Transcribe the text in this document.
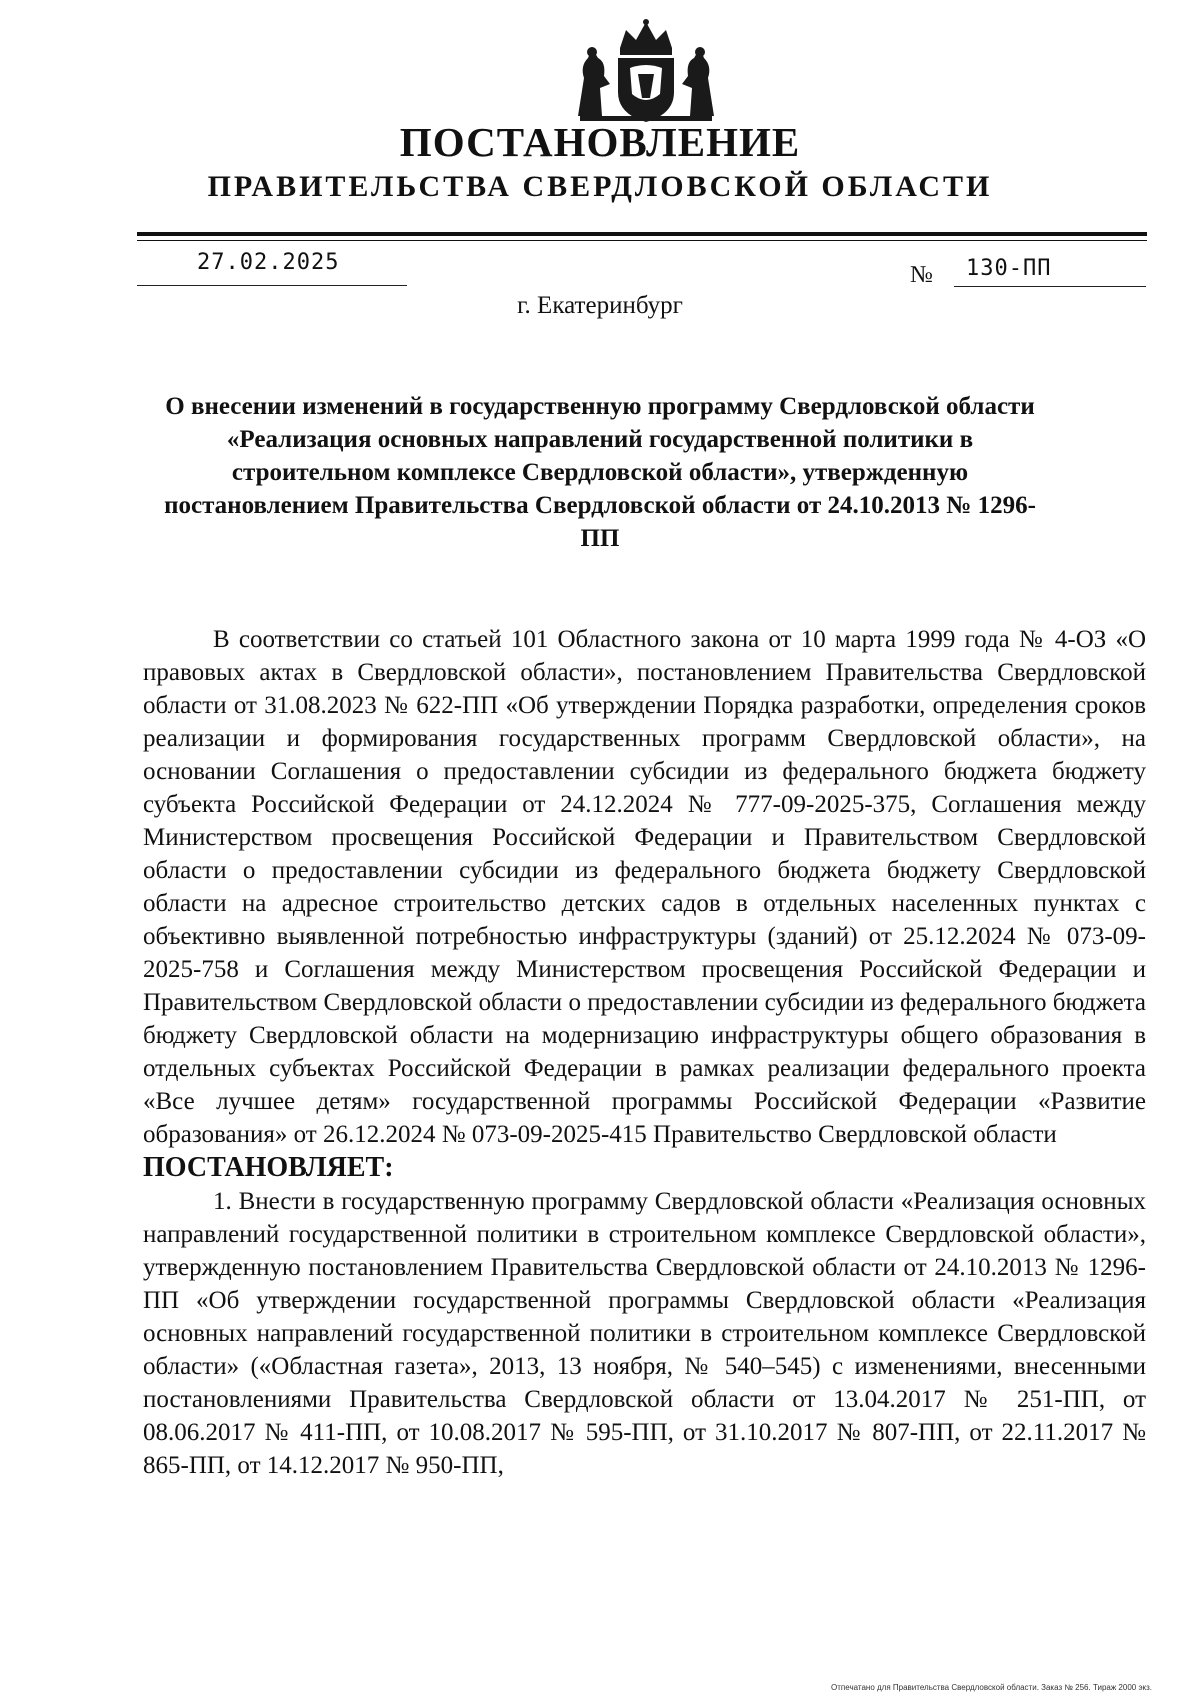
ПОСТАНОВЛЕНИЕ
ПРАВИТЕЛЬСТВА СВЕРДЛОВСКОЙ ОБЛАСТИ
27.02.2025	№ 130-ПП
г. Екатеринбург
О внесении изменений в государственную программу Свердловской области «Реализация основных направлений государственной политики в строительном комплексе Свердловской области», утвержденную постановлением Правительства Свердловской области от 24.10.2013 № 1296-ПП

В соответствии со статьей 101 Областного закона от 10 марта 1999 года № 4-ОЗ «О правовых актах в Свердловской области», постановлением Правительства Свердловской области от 31.08.2023 № 622-ПП «Об утверждении Порядка разработки, определения сроков реализации и формирования государственных программ Свердловской области», на основании Соглашения о предоставлении субсидии из федерального бюджета бюджету субъекта Российской Федерации от 24.12.2024 № 777-09-2025-375, Соглашения между Министерством просвещения Российской Федерации и Правительством Свердловской области о предоставлении субсидии из федерального бюджета бюджету Свердловской области на адресное строительство детских садов в отдельных населенных пунктах с объективно выявленной потребностью инфраструктуры (зданий) от 25.12.2024 № 073-09-2025-758 и Соглашения между Министерством просвещения Российской Федерации и Правительством Свердловской области о предоставлении субсидии из федерального бюджета бюджету Свердловской области на модернизацию инфраструктуры общего образования в отдельных субъектах Российской Федерации в рамках реализации федерального проекта «Все лучшее детям» государственной программы Российской Федерации «Развитие образования» от 26.12.2024 № 073-09-2025-415 Правительство Свердловской области

ПОСТАНОВЛЯЕТ:

1. Внести в государственную программу Свердловской области «Реализация основных направлений государственной политики в строительном комплексе Свердловской области», утвержденную постановлением Правительства Свердловской области от 24.10.2013 № 1296-ПП «Об утверждении государственной программы Свердловской области «Реализация основных направлений государственной политики в строительном комплексе Свердловской области» («Областная газета», 2013, 13 ноября, № 540–545) с изменениями, внесенными постановлениями Правительства Свердловской области от 13.04.2017 № 251-ПП, от 08.06.2017 № 411-ПП, от 10.08.2017 № 595-ПП, от 31.10.2017 № 807-ПП, от 22.11.2017 № 865-ПП, от 14.12.2017 № 950-ПП,

Отпечатано для Правительства Свердловской области. Заказ № 256. Тираж 2000 экз.
